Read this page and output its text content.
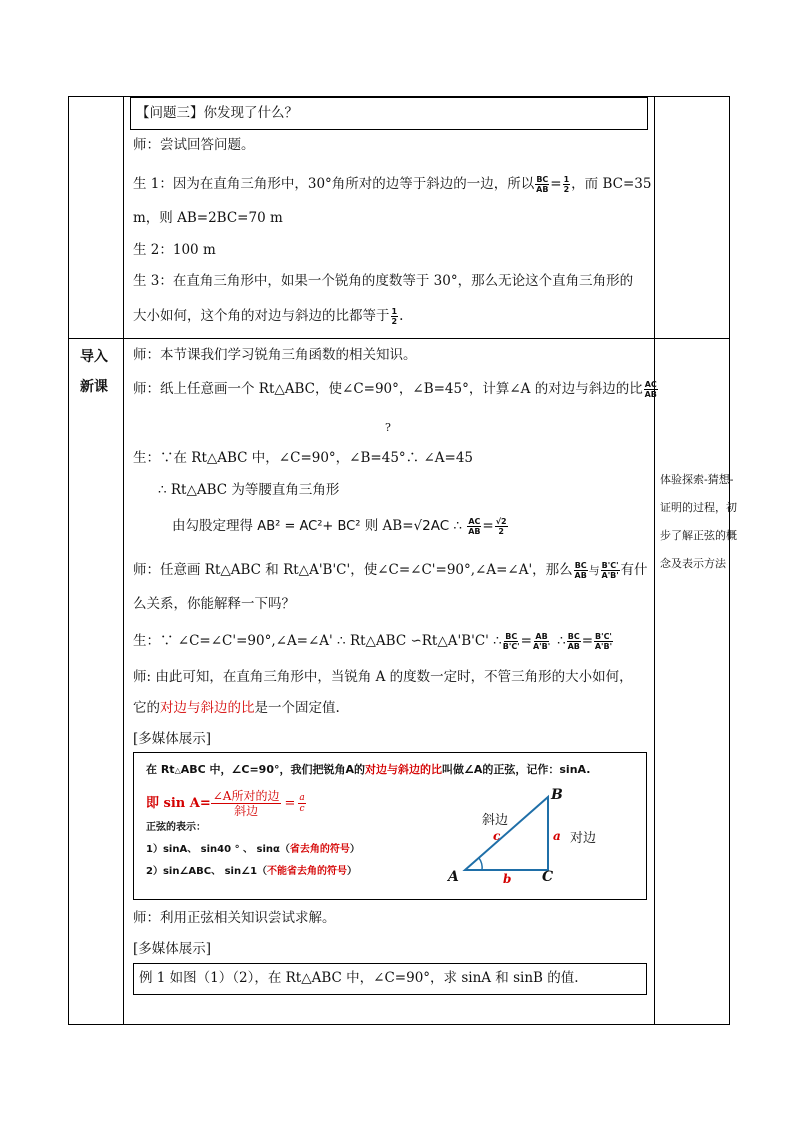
【问题三】你发现了什么？
师：尝试回答问题。
生 1：因为在直角三角形中，30°角所对的边等于斜边的一边，所以 $\frac{BC}{AB} = \frac{1}{2}$ ，而 BC=35
m，则 AB=2BC=70 m
生 2：100 m
生 3：在直角三角形中，如果一个锐角的度数等于 30°，那么无论这个直角三角形的
大小如何，这个角的对边与斜边的比都等于 $\frac{1}{2}$ .
导入
新课
体验探索-猜想-
证明的过程，初
步了解正弦的概
念及表示方法
师：本节课我们学习锐角三角函数的相关知识。
师：纸上任意画一个 Rt△ABC，使∠C=90°，∠B=45°，计算∠A 的对边与斜边的比 $\frac{AC}{AB}$
?
生：∵在 Rt△ABC 中，∠C=90°，∠B=45°∴ ∠A=45
∴ Rt△ABC 为等腰直角三角形
由勾股定理得 AB² = AC²+ BC² 则 AB=√2AC ∴ $\frac{AC}{AB} = \frac{√2}{2}$
师：任意画 Rt△ABC 和 Rt△A'B'C'，使∠C=∠C'=90°,∠A=∠A'，那么 $\frac{BC}{AB}$ 与 $\frac{B'C'}{A'B'}$ 有什
么关系，你能解释一下吗？
生：∵ ∠C=∠C'=90°,∠A=∠A' ∴ Rt△ABC ∽Rt△A'B'C' ∴ $\frac{BC}{B'C'} = \frac{AB}{A'B'}$ ∴ $\frac{BC}{AB} = \frac{B'C'}{A'B'}$
师: 由此可知，在直角三角形中，当锐角 A 的度数一定时，不管三角形的大小如何，
它的对边与斜边的比是一个固定值.
[多媒体展示]
在 Rt△ABC 中，∠C=90°，我们把锐角A的对边与斜边的比叫做∠A的正弦，记作：sinA.
即 sin A= ∠A所对的边
斜边 = $\frac{a}{c}$
正弦的表示：
1）sinA、 sin40 ° 、 sinα（省去角的符号）
2）sin∠ABC、 sin∠1（不能省去角的符号）	A
B
C
a
b
c
斜边
对边
师：利用正弦相关知识尝试求解。
[多媒体展示]
例 1 如图（1）（2），在 Rt△ABC 中，∠C=90°，求 sinA 和 sinB 的值.
